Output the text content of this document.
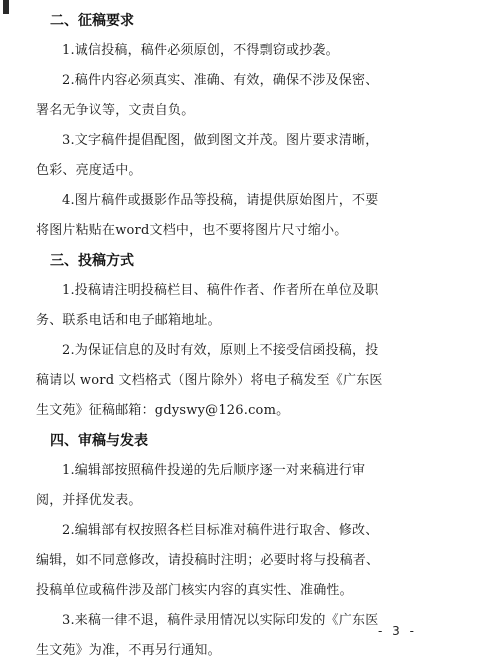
二、征稿要求

1.诚信投稿，稿件必须原创，不得剽窃或抄袭。

2.稿件内容必须真实、准确、有效，确保不涉及保密、
署名无争议等，文责自负。

3.文字稿件提倡配图，做到图文并茂。图片要求清晰，
色彩、亮度适中。

4.图片稿件或摄影作品等投稿，请提供原始图片，不要
将图片粘贴在word文档中，也不要将图片尺寸缩小。

三、投稿方式

1.投稿请注明投稿栏目、稿件作者、作者所在单位及职
务、联系电话和电子邮箱地址。

2.为保证信息的及时有效，原则上不接受信函投稿，投
稿请以 word 文档格式（图片除外）将电子稿发至《广东医
生文苑》征稿邮箱：gdyswy@126.com。

四、审稿与发表

1.编辑部按照稿件投递的先后顺序逐一对来稿进行审
阅，并择优发表。

2.编辑部有权按照各栏目标准对稿件进行取舍、修改、
编辑，如不同意修改，请投稿时注明；必要时将与投稿者、
投稿单位或稿件涉及部门核实内容的真实性、准确性。

3.来稿一律不退，稿件录用情况以实际印发的《广东医
生文苑》为准，不再另行通知。

- 3 -
